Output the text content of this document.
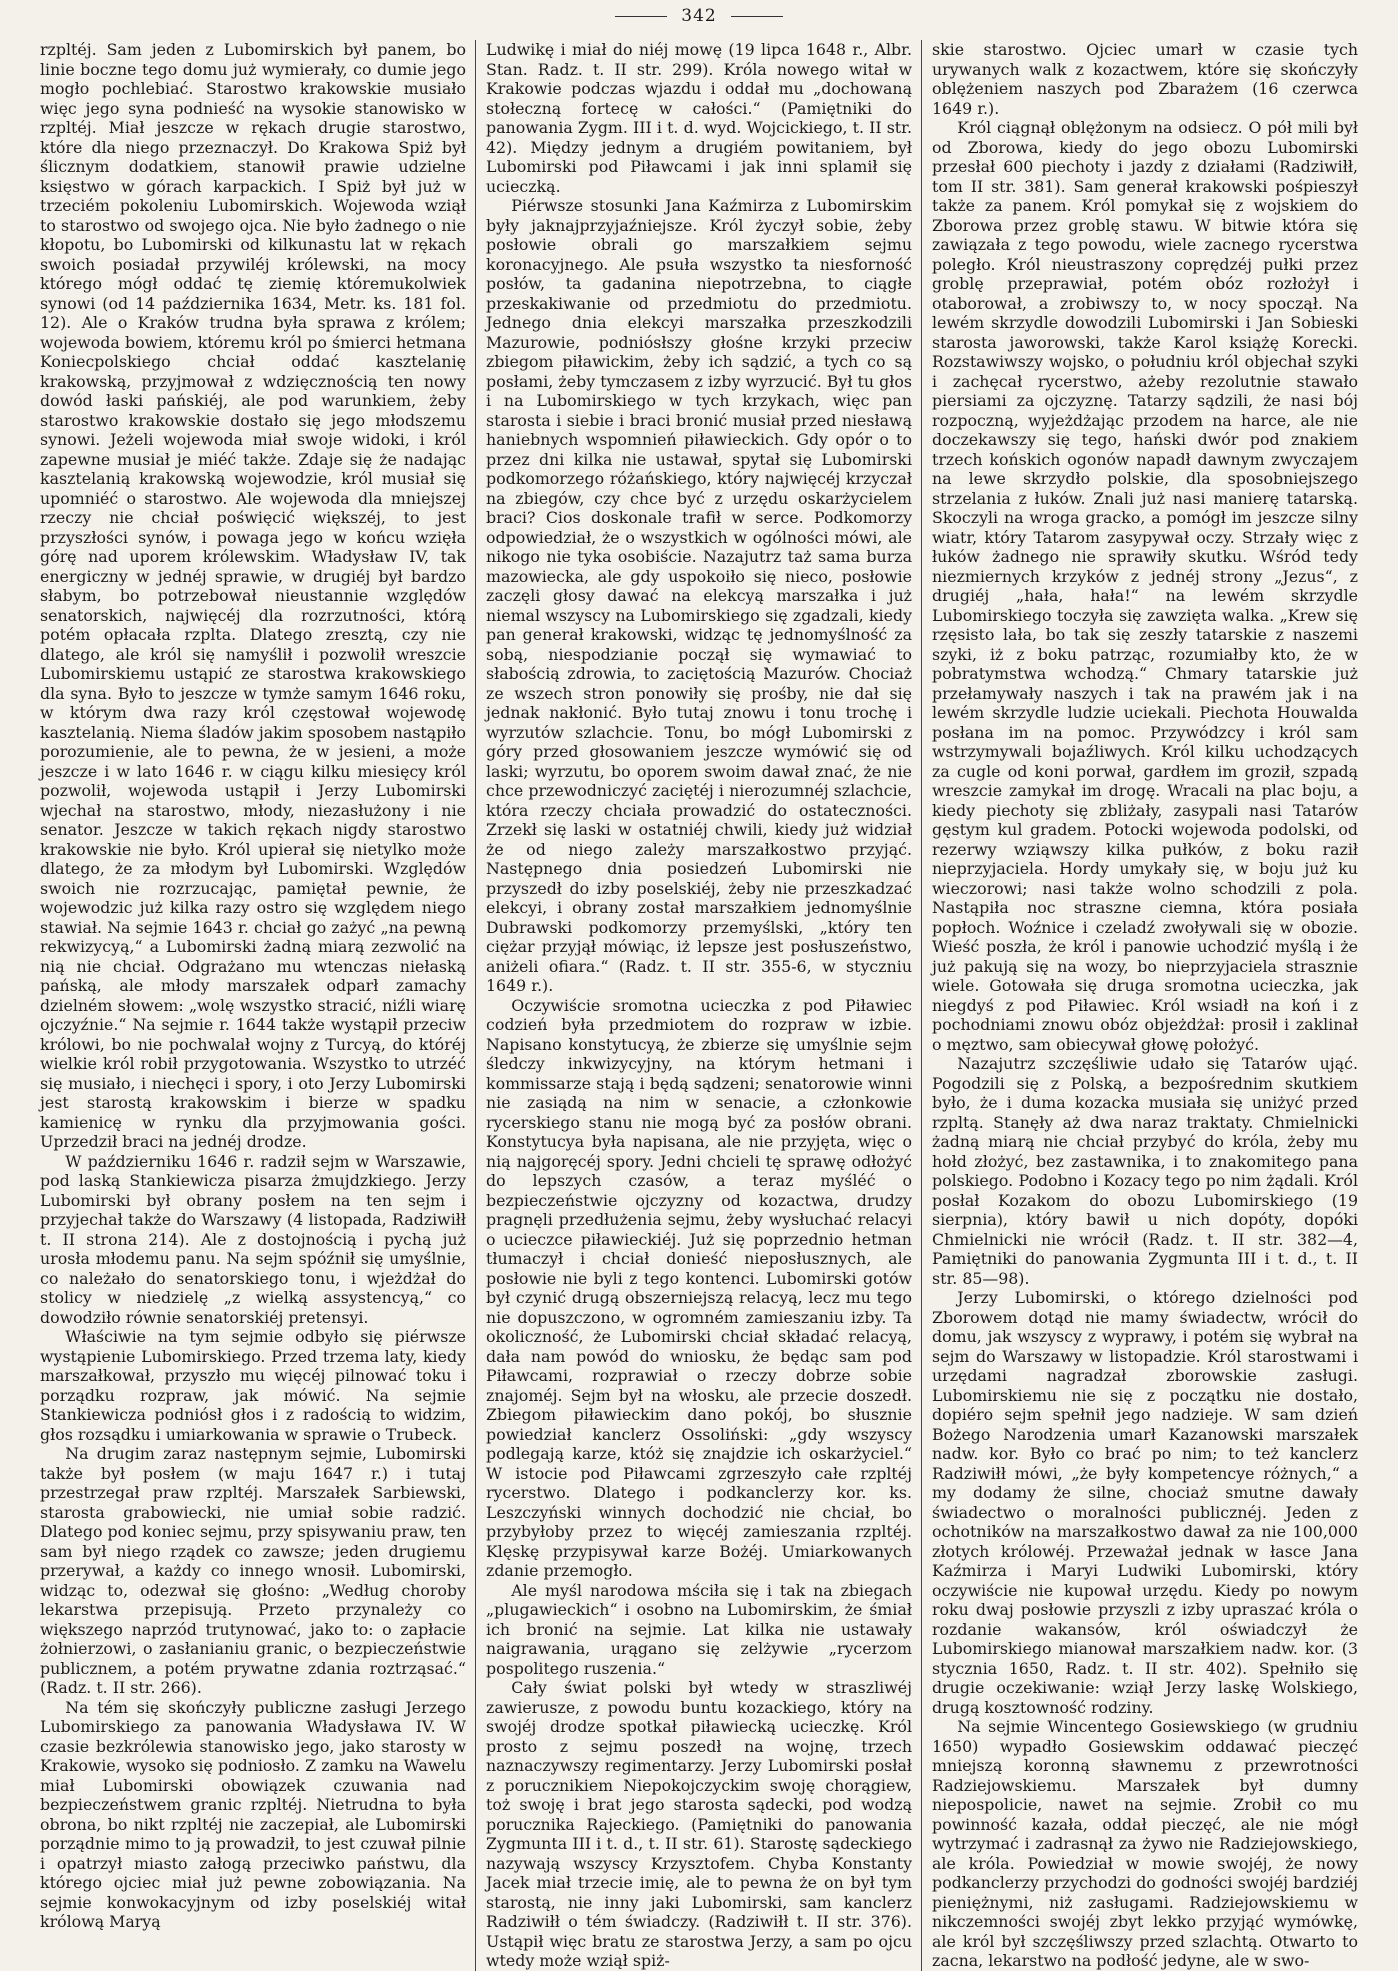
342

rzpltéj. Sam jeden z Lubomirskich był panem, bo linie boczne tego domu już wymierały, co dumie jego mogło pochlebiać. Starostwo krakowskie musiało więc jego syna podnieść na wysokie stanowisko w rzpltéj. Miał jeszcze w rękach drugie starostwo, które dla niego przeznaczył. Do Krakowa Spiż był ślicznym dodatkiem, stanowił prawie udzielne księstwo w górach karpackich. I Spiż był już w trzeciém pokoleniu Lubomirskich. Wojewoda wziął to starostwo od swojego ojca. Nie było żadnego o nie kłopotu, bo Lubomirski od kilkunastu lat w rękach swoich posiadał przywiléj królewski, na mocy którego mógł oddać tę ziemię któremukolwiek synowi (od 14 października 1634, Metr. ks. 181 fol. 12). Ale o Kraków trudna była sprawa z królem; wojewoda bowiem, któremu król po śmierci hetmana Koniecpolskiego chciał oddać kasztelanię krakowską, przyjmował z wdzięcznością ten nowy dowód łaski pańskiéj, ale pod warunkiem, żeby starostwo krakowskie dostało się jego młodszemu synowi. Jeżeli wojewoda miał swoje widoki, i król zapewne musiał je miéć także. Zdaje się że nadając kasztelanią krakowską wojewodzie, król musiał się upomniéć o starostwo. Ale wojewoda dla mniejszej rzeczy nie chciał poświęcić większéj, to jest przyszłości synów, i powaga jego w końcu wzięła górę nad uporem królewskim. Władysław IV, tak energiczny w jednéj sprawie, w drugiéj był bardzo słabym, bo potrzebował nieustannie względów senatorskich, najwięcéj dla rozrzutności, którą potém opłacała rzplta. Dlatego zresztą, czy nie dlatego, ale król się namyślił i pozwolił wreszcie Lubomirskiemu ustąpić ze starostwa krakowskiego dla syna. Było to jeszcze w tymże samym 1646 roku, w którym dwa razy król częstował wojewodę kasztelanią. Niema śladów jakim sposobem nastąpiło porozumienie, ale to pewna, że w jesieni, a może jeszcze i w lato 1646 r. w ciągu kilku miesięcy król pozwolił, wojewoda ustąpił i Jerzy Lubomirski wjechał na starostwo, młody, niezasłużony i nie senator. Jeszcze w takich rękach nigdy starostwo krakowskie nie było. Król upierał się nietylko może dlatego, że za młodym był Lubomirski. Względów swoich nie rozrzucając, pamiętał pewnie, że wojewodzic już kilka razy ostro się względem niego stawiał. Na sejmie 1643 r. chciał go zażyć „na pewną rekwizycyą,“ a Lubomirski żadną miarą zezwolić na nią nie chciał. Odgrażano mu wtenczas niełaską pańską, ale młody marszałek odparł zamachy dzielném słowem: „wolę wszystko stracić, niźli wiarę ojczyźnie.“ Na sejmie r. 1644 także wystąpił przeciw królowi, bo nie pochwalał wojny z Turcyą, do któréj wielkie król robił przygotowania. Wszystko to utrzéć się musiało, i niechęci i spory, i oto Jerzy Lubomirski jest starostą krakowskim i bierze w spadku kamienicę w rynku dla przyjmowania gości. Uprzedził braci na jednéj drodze.

W październiku 1646 r. radził sejm w Warszawie, pod laską Stankiewicza pisarza żmujdzkiego. Jerzy Lubomirski był obrany posłem na ten sejm i przyjechał także do Warszawy (4 listopada, Radziwiłł t. II strona 214). Ale z dostojnością i pychą już urosła młodemu panu. Na sejm spóźnił się umyślnie, co należało do senatorskiego tonu, i wjeżdżał do stolicy w niedzielę „z wielką assystencyą,“ co dowodziło równie senatorskiéj pretensyi.

Właściwie na tym sejmie odbyło się piérwsze wystąpienie Lubomirskiego. Przed trzema laty, kiedy marszałkował, przyszło mu więcéj pilnować toku i porządku rozpraw, jak mówić. Na sejmie Stankiewicza podniósł głos i z radością to widzim, głos rozsądku i umiarkowania w sprawie o Trubeck.

Na drugim zaraz następnym sejmie, Lubomirski także był posłem (w maju 1647 r.) i tutaj przestrzegał praw rzpltéj. Marszałek Sarbiewski, starosta grabowiecki, nie umiał sobie radzić. Dlatego pod koniec sejmu, przy spisywaniu praw, ten sam był niego rządek co zawsze; jeden drugiemu przerywał, a każdy co innego wnosił. Lubomirski, widząc to, odezwał się głośno: „Według choroby lekarstwa przepisują. Przeto przynależy co większego naprzód trutynować, jako to: o zapłacie żołnierzowi, o zasłanianiu granic, o bezpieczeństwie publicznem, a potém prywatne zdania roztrząsać.“ (Radz. t. II str. 266).

Na tém się skończyły publiczne zasługi Jerzego Lubomirskiego za panowania Władysława IV. W czasie bezkrólewia stanowisko jego, jako starosty w Krakowie, wysoko się podniosło. Z zamku na Wawelu miał Lubomirski obowiązek czuwania nad bezpieczeństwem granic rzpltéj. Nietrudna to była obrona, bo nikt rzpltéj nie zaczepiał, ale Lubomirski porządnie mimo to ją prowadził, to jest czuwał pilnie i opatrzył miasto załogą przeciwko państwu, dla którego ojciec miał już pewne zobowiązania. Na sejmie konwokacyjnym od izby poselskiéj witał królową Maryą

Ludwikę i miał do niéj mowę (19 lipca 1648 r., Albr. Stan. Radz. t. II str. 299). Króla nowego witał w Krakowie podczas wjazdu i oddał mu „dochowaną stołeczną fortecę w całości.“ (Pamiętniki do panowania Zygm. III i t. d. wyd. Wojcickiego, t. II str. 42). Między jednym a drugiém powitaniem, był Lubomirski pod Piławcami i jak inni splamił się ucieczką.

Piérwsze stosunki Jana Kaźmirza z Lubomirskim były jaknajprzyjaźniejsze. Król życzył sobie, żeby posłowie obrali go marszałkiem sejmu koronacyjnego. Ale psuła wszystko ta niesforność posłów, ta gadanina niepotrzebna, to ciągłe przeskakiwanie od przedmiotu do przedmiotu. Jednego dnia elekcyi marszałka przeszkodzili Mazurowie, podniósłszy głośne krzyki przeciw zbiegom piławickim, żeby ich sądzić, a tych co są posłami, żeby tymczasem z izby wyrzucić. Był tu głos i na Lubomirskiego w tych krzykach, więc pan starosta i siebie i braci bronić musiał przed niesławą haniebnych wspomnień piławieckich. Gdy opór o to przez dni kilka nie ustawał, spytał się Lubomirski podkomorzego różańskiego, który najwięcéj krzyczał na zbiegów, czy chce być z urzędu oskarżycielem braci? Cios doskonale trafił w serce. Podkomorzy odpowiedział, że o wszystkich w ogólności mówi, ale nikogo nie tyka osobiście. Nazajutrz taż sama burza mazowiecka, ale gdy uspokoiło się nieco, posłowie zaczęli głosy dawać na elekcyą marszałka i już niemal wszyscy na Lubomirskiego się zgadzali, kiedy pan generał krakowski, widząc tę jednomyślność za sobą, niespodzianie począł się wymawiać to słabością zdrowia, to zaciętością Mazurów. Chociaż ze wszech stron ponowiły się prośby, nie dał się jednak nakłonić. Było tutaj znowu i tonu trochę i wyrzutów szlachcie. Tonu, bo mógł Lubomirski z góry przed głosowaniem jeszcze wymówić się od laski; wyrzutu, bo oporem swoim dawał znać, że nie chce przewodniczyć zaciętéj i nierozumnéj szlachcie, która rzeczy chciała prowadzić do ostateczności. Zrzekł się laski w ostatniéj chwili, kiedy już widział że od niego zależy marszałkostwo przyjąć. Następnego dnia posiedzeń Lubomirski nie przyszedł do izby poselskiéj, żeby nie przeszkadzać elekcyi, i obrany został marszałkiem jednomyślnie Dubrawski podkomorzy przemyślski, „który ten ciężar przyjął mówiąc, iż lepsze jest posłuszeństwo, aniżeli ofiara.“ (Radz. t. II str. 355-6, w styczniu 1649 r.).

Oczywiście sromotna ucieczka z pod Piławiec codzień była przedmiotem do rozpraw w izbie. Napisano konstytucyą, że zbierze się umyślnie sejm śledczy inkwizycyjny, na którym hetmani i kommissarze stają i będą sądzeni; senatorowie winni nie zasiądą na nim w senacie, a członkowie rycerskiego stanu nie mogą być za posłów obrani. Konstytucya była napisana, ale nie przyjęta, więc o nią najgoręcéj spory. Jedni chcieli tę sprawę odłożyć do lepszych czasów, a teraz myśléć o bezpieczeństwie ojczyzny od kozactwa, drudzy pragnęli przedłużenia sejmu, żeby wysłuchać relacyi o ucieczce piławieckiéj. Już się poprzednio hetman tłumaczył i chciał donieść nieposłusznych, ale posłowie nie byli z tego kontenci. Lubomirski gotów był czynić drugą obszerniejszą relacyą, lecz mu tego nie dopuszczono, w ogromném zamieszaniu izby. Ta okoliczność, że Lubomirski chciał składać relacyą, dała nam powód do wniosku, że będąc sam pod Piławcami, rozprawiał o rzeczy dobrze sobie znajoméj. Sejm był na włosku, ale przecie doszedł. Zbiegom piławieckim dano pokój, bo słusznie powiedział kanclerz Ossoliński: „gdy wszyscy podlegają karze, któż się znajdzie ich oskarżyciel.“ W istocie pod Piławcami zgrzeszyło całe rzpltéj rycerstwo. Dlatego i podkanclerzy kor. ks. Leszczyński winnych dochodzić nie chciał, bo przybyłoby przez to więcéj zamieszania rzpltéj. Klęskę przypisywał karze Bożéj. Umiarkowanych zdanie przemogło.

Ale myśl narodowa mściła się i tak na zbiegach „plugawieckich“ i osobno na Lubomirskim, że śmiał ich bronić na sejmie. Lat kilka nie ustawały naigrawania, urągano się zelżywie „rycerzom pospolitego ruszenia.“

Cały świat polski był wtedy w straszliwéj zawierusze, z powodu buntu kozackiego, który na swojéj drodze spotkał piławiecką ucieczkę. Król prosto z sejmu poszedł na wojnę, trzech naznaczywszy regimentarzy. Jerzy Lubomirski posłał z porucznikiem Niepokojczyckim swoję chorągiew, toż swoję i brat jego starosta sądecki, pod wodzą porucznika Rajeckiego. (Pamiętniki do panowania Zygmunta III i t. d., t. II str. 61). Starostę sądeckiego nazywają wszyscy Krzysztofem. Chyba Konstanty Jacek miał trzecie imię, ale to pewna że on był tym starostą, nie inny jaki Lubomirski, sam kanclerz Radziwiłł o tém świadczy. (Radziwiłł t. II str. 376). Ustąpił więc bratu ze starostwa Jerzy, a sam po ojcu wtedy może wziął spiż-

skie starostwo. Ojciec umarł w czasie tych urywanych walk z kozactwem, które się skończyły oblężeniem naszych pod Zbarażem (16 czerwca 1649 r.).

Król ciągnął oblężonym na odsiecz. O pół mili był od Zborowa, kiedy do jego obozu Lubomirski przesłał 600 piechoty i jazdy z działami (Radziwiłł, tom II str. 381). Sam generał krakowski pośpieszył także za panem. Król pomykał się z wojskiem do Zborowa przez groblę stawu. W bitwie która się zawiązała z tego powodu, wiele zacnego rycerstwa poległo. Król nieustraszony coprędzéj pułki przez groblę przeprawiał, potém obóz rozłożył i otaborował, a zrobiwszy to, w nocy spoczął. Na lewém skrzydle dowodzili Lubomirski i Jan Sobieski starosta jaworowski, także Karol książę Korecki. Rozstawiwszy wojsko, o południu król objechał szyki i zachęcał rycerstwo, ażeby rezolutnie stawało piersiami za ojczyznę. Tatarzy sądzili, że nasi bój rozpoczną, wyjeżdżając przodem na harce, ale nie doczekawszy się tego, hański dwór pod znakiem trzech końskich ogonów napadł dawnym zwyczajem na lewe skrzydło polskie, dla sposobniejszego strzelania z łuków. Znali już nasi manierę tatarską. Skoczyli na wroga gracko, a pomógł im jeszcze silny wiatr, który Tatarom zasypywał oczy. Strzały więc z łuków żadnego nie sprawiły skutku. Wśród tedy niezmiernych krzyków z jednéj strony „Jezus“, z drugiéj „hała, hała!“ na lewém skrzydle Lubomirskiego toczyła się zawzięta walka. „Krew się rzęsisto lała, bo tak się zeszły tatarskie z naszemi szyki, iż z boku patrząc, rozumiałby kto, że w pobratymstwa wchodzą.“ Chmary tatarskie już przełamywały naszych i tak na prawém jak i na lewém skrzydle ludzie uciekali. Piechota Houwalda posłana im na pomoc. Przywódzcy i król sam wstrzymywali bojaźliwych. Król kilku uchodzących za cugle od koni porwał, gardłem im groził, szpadą wreszcie zamykał im drogę. Wracali na plac boju, a kiedy piechoty się zbliżały, zasypali nasi Tatarów gęstym kul gradem. Potocki wojewoda podolski, od rezerwy wziąwszy kilka pułków, z boku raził nieprzyjaciela. Hordy umykały się, w boju już ku wieczorowi; nasi także wolno schodzili z pola. Nastąpiła noc straszne ciemna, która posiała popłoch. Woźnice i czeladź zwoływali się w obozie. Wieść poszła, że król i panowie uchodzić myślą i że już pakują się na wozy, bo nieprzyjaciela strasznie wiele. Gotowała się druga sromotna ucieczka, jak niegdyś z pod Piławiec. Król wsiadł na koń i z pochodniami znowu obóz objeżdżał: prosił i zaklinał o męztwo, sam obiecywał głowę położyć.

Nazajutrz szczęśliwie udało się Tatarów ująć. Pogodzili się z Polską, a bezpośrednim skutkiem było, że i duma kozacka musiała się uniżyć przed rzpltą. Stanęły aż dwa naraz traktaty. Chmielnicki żadną miarą nie chciał przybyć do króla, żeby mu hołd złożyć, bez zastawnika, i to znakomitego pana polskiego. Podobno i Kozacy tego po nim żądali. Król posłał Kozakom do obozu Lubomirskiego (19 sierpnia), który bawił u nich dopóty, dopóki Chmielnicki nie wrócił (Radz. t. II str. 382—4, Pamiętniki do panowania Zygmunta III i t. d., t. II str. 85—98).

Jerzy Lubomirski, o którego dzielności pod Zborowem dotąd nie mamy świadectw, wrócił do domu, jak wszyscy z wyprawy, i potém się wybrał na sejm do Warszawy w listopadzie. Król starostwami i urzędami nagradzał zborowskie zasługi. Lubomirskiemu nie się z początku nie dostało, dopiéro sejm spełnił jego nadzieje. W sam dzień Bożego Narodzenia umarł Kazanowski marszałek nadw. kor. Było co brać po nim; to też kanclerz Radziwiłł mówi, „że były kompetencye różnych,“ a my dodamy że silne, chociaż smutne dawały świadectwo o moralności publicznéj. Jeden z ochotników na marszałkostwo dawał za nie 100,000 złotych królowéj. Przeważał jednak w łasce Jana Kaźmirza i Maryi Ludwiki Lubomirski, który oczywiście nie kupował urzędu. Kiedy po nowym roku dwaj posłowie przyszli z izby upraszać króla o rozdanie wakansów, król oświadczył że Lubomirskiego mianował marszałkiem nadw. kor. (3 stycznia 1650, Radz. t. II str. 402). Spełniło się drugie oczekiwanie: wziął Jerzy laskę Wolskiego, drugą kosztowność rodziny.

Na sejmie Wincentego Gosiewskiego (w grudniu 1650) wypadło Gosiewskim oddawać pieczęć mniejszą koronną sławnemu z przewrotności Radziejowskiemu. Marszałek był dumny niepospolicie, nawet na sejmie. Zrobił co mu powinność kazała, oddał pieczęć, ale nie mógł wytrzymać i zadrasnął za żywo nie Radziejowskiego, ale króla. Powiedział w mowie swojéj, że nowy podkanclerzy przychodzi do godności swojéj bardziéj pieniężnymi, niż zasługami. Radziejowskiemu w nikczemności swojéj zbyt lekko przyjąć wymówkę, ale król był szczęśliwszy przed szlachtą. Otwarto to zacna, lekarstwo na podłość jedyne, ale w swo-
